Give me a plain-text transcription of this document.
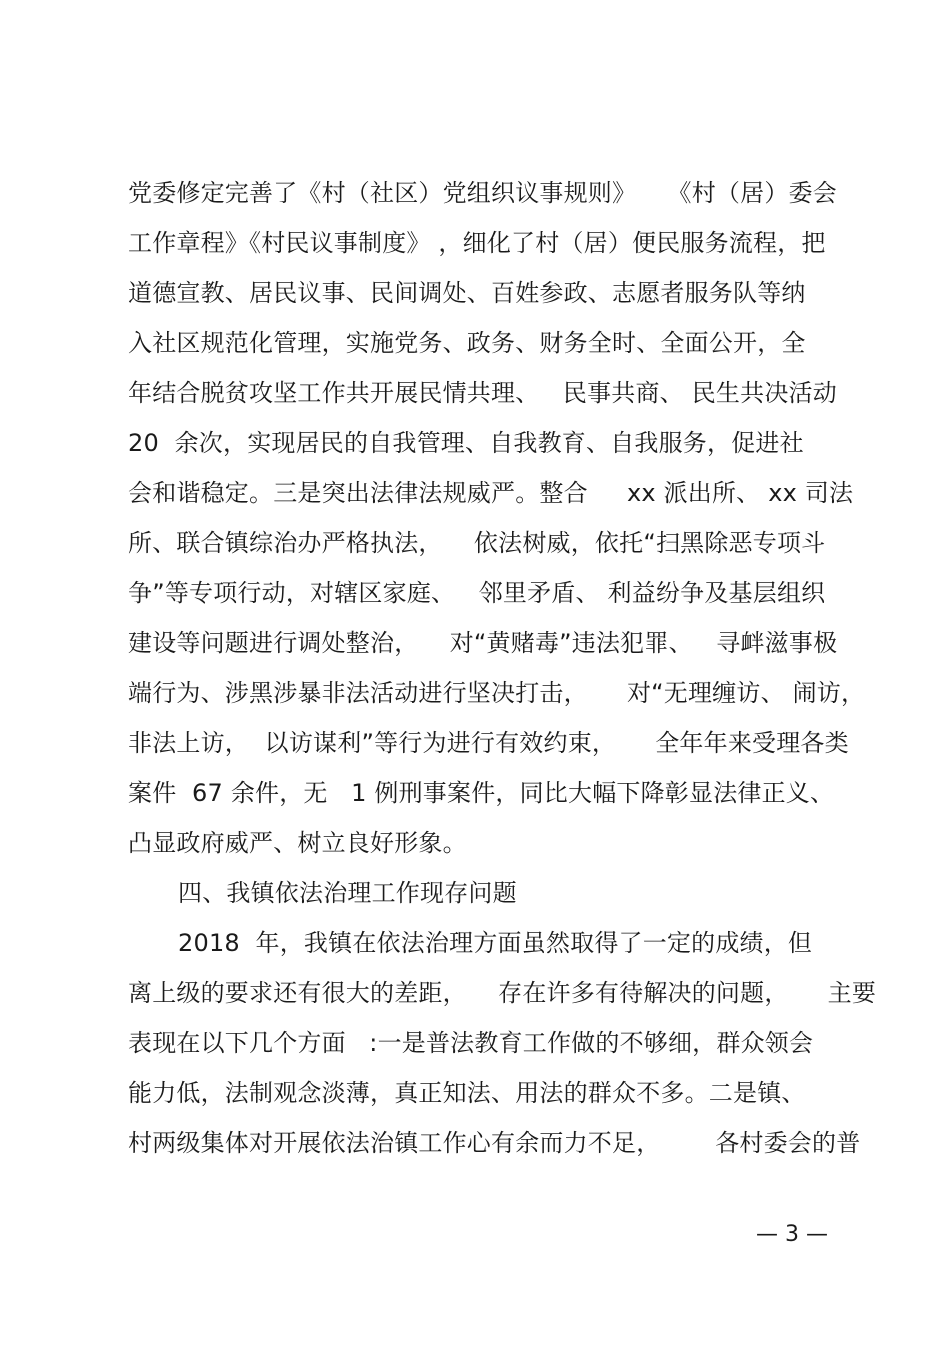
党委修定完善了《村（社区）党组织议事规则》    《村（居）委会
工作章程》《村民议事制度》 ，细化了村（居）便民服务流程，把
道德宣教、居民议事、民间调处、百姓参政、志愿者服务队等纳
入社区规范化管理，实施党务、政务、财务全时、全面公开，全
年结合脱贫攻坚工作共开展民情共理、   民事共商、 民生共决活动
20  余次，实现居民的自我管理、自我教育、自我服务，促进社
会和谐稳定。三是突出法律法规威严。整合     xx 派出所、 xx 司法
所、联合镇综治办严格执法，    依法树威，依托“扫黑除恶专项斗
争”等专项行动，对辖区家庭、   邻里矛盾、 利益纷争及基层组织
建设等问题进行调处整治，    对“黄赌毒”违法犯罪、   寻衅滋事极
端行为、涉黑涉暴非法活动进行坚决打击，     对“无理缠访、 闹访，
非法上访，  以访谋利”等行为进行有效约束，     全年年来受理各类
案件  67 余件，无   1 例刑事案件，同比大幅下降彰显法律正义、
凸显政府威严、树立良好形象。
四、我镇依法治理工作现存问题
2018  年，我镇在依法治理方面虽然取得了一定的成绩，但
离上级的要求还有很大的差距，    存在许多有待解决的问题，     主要
表现在以下几个方面   :一是普法教育工作做的不够细，群众领会
能力低，法制观念淡薄，真正知法、用法的群众不多。二是镇、
村两级集体对开展依法治镇工作心有余而力不足，       各村委会的普
— 3 —
